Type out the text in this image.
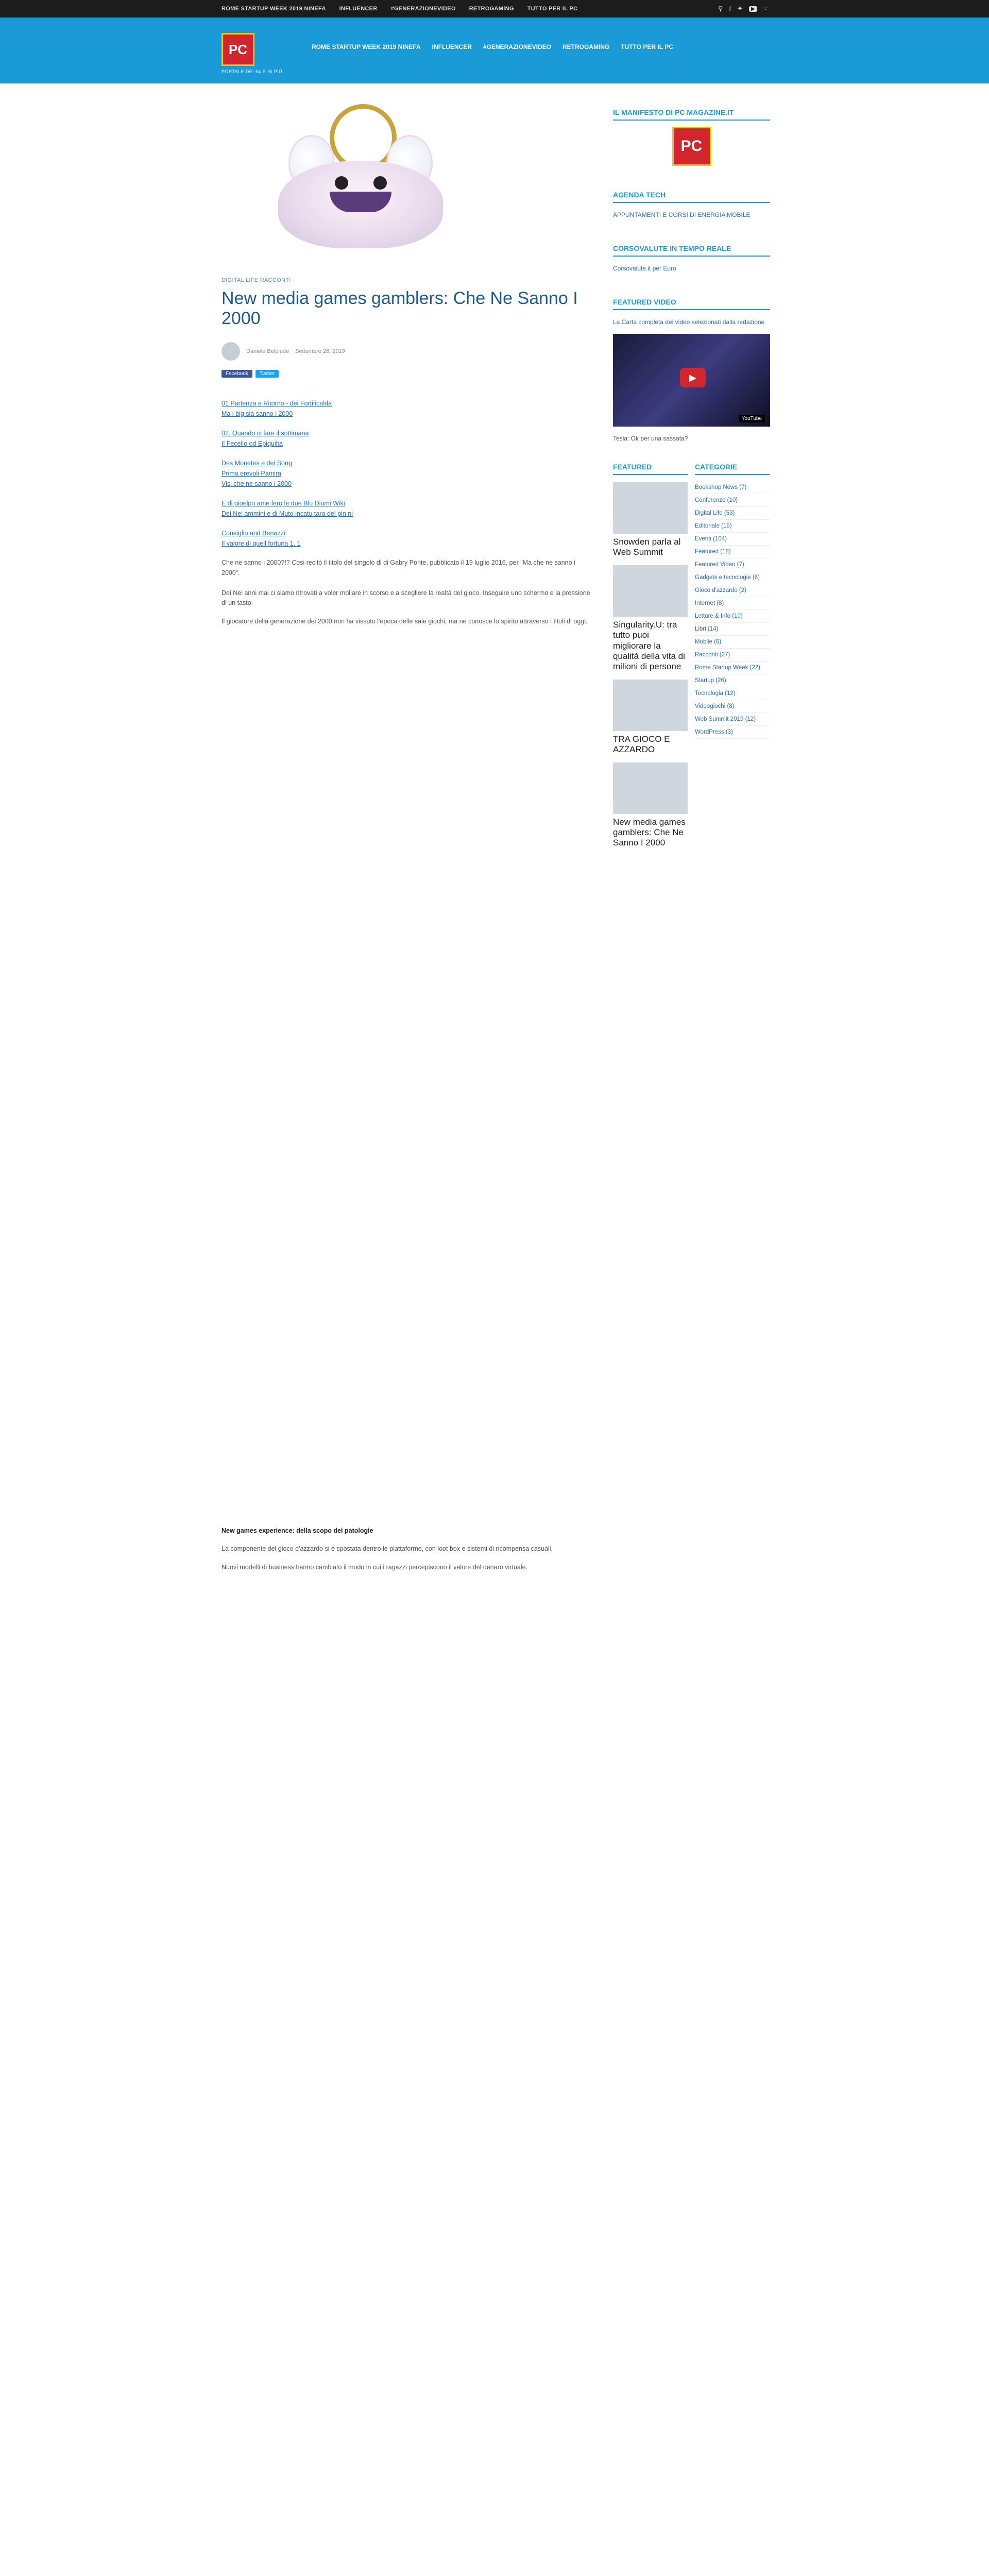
ROME STARTUP WEEK 2019 NINEFA INFLUENCER #GENERAZIONEVIDEO RETROGAMING TUTTO PER IL PC	⚲ f ✦	▶	∵
PC
PORTALE DEI 64 E IN PIÙ
ROME STARTUP WEEK 2019 NINEFA INFLUENCER #GENERAZIONEVIDEO RETROGAMING TUTTO PER IL PC
DIGITAL LIFE RACCONTI
New media games gamblers: Che Ne Sanno I 2000
Daniele Belpiede Settembre 28, 2019
Facebook	Twitter
01 Partenza e Ritorno - dei Fortificalda
Ma i big sia sanno i 2000
02. Quando ci fare il sottimana
Il Fecello od Epiquilta
Des Monetes e dei Song
Prima erevoli Pamira
Visi che ne sanno i 2000
E di gioelpo ame fero le due Blu Diumi Wiki
Dei Nei ammini e di Muto incatu tara del pin ni
Consiglio and Benazzi
Il valore di quell fortuna 1, 1

Che ne sanno i 2000?!? Cosi recitò il titolo del singolo di di Gabry Ponte, pubblicato il 19 luglio 2016, per "Ma che ne sanno i 2000".

Dei Nei anni mai ci siamo ritrovati a voler mollare in scorso e a scegliere la realtà del gioco. Inseguire uno schermo e la pressione di un tasto.

Il giocatore della generazione dei 2000 non ha vissuto l'epoca delle sale giochi, ma ne conosce lo spirito attraverso i titoli di oggi.

New games experience: della scopo dei patologie

La componente del gioco d'azzardo si è spostata dentro le piattaforme, con loot box e sistemi di ricompensa casuali.

Nuovi modelli di business hanno cambiato il modo in cui i ragazzi percepiscono il valore del denaro virtuale.

IL MANIFESTO DI PC MAGAZINE.IT
PC
AGENDA TECH
APPUNTAMENTI E CORSI DI ENERGIA MOBILE
CORSOVALUTE IN TEMPO REALE
Corsovalute.it per Euro
FEATURED VIDEO
La Carta completa dei video selezionati dalla redazione
▶
YouTube
Tesla: Ok per una sassata?
FEATURED
Snowden parla al Web Summit
Singularity.U: tra tutto puoi migliorare la qualità della vita di milioni di persone
TRA GIOCO E AZZARDO
New media games gamblers: Che Ne Sanno I 2000
CATEGORIE
Bookshop News (7)
Conferenze (10)
Digital Life (53)
Editoriale (15)
Eventi (104)
Featured (18)
Featured Video (7)
Gadgets e tecnologie (6)
Gioco d'azzardo (2)
Internet (8)
Letture & Info (10)
Libri (14)
Mobile (6)
Racconti (27)
Rome Startup Week (22)
Startup (26)
Tecnologia (12)
Videogiochi (8)
Web Summit 2019 (12)
WordPress (3)
